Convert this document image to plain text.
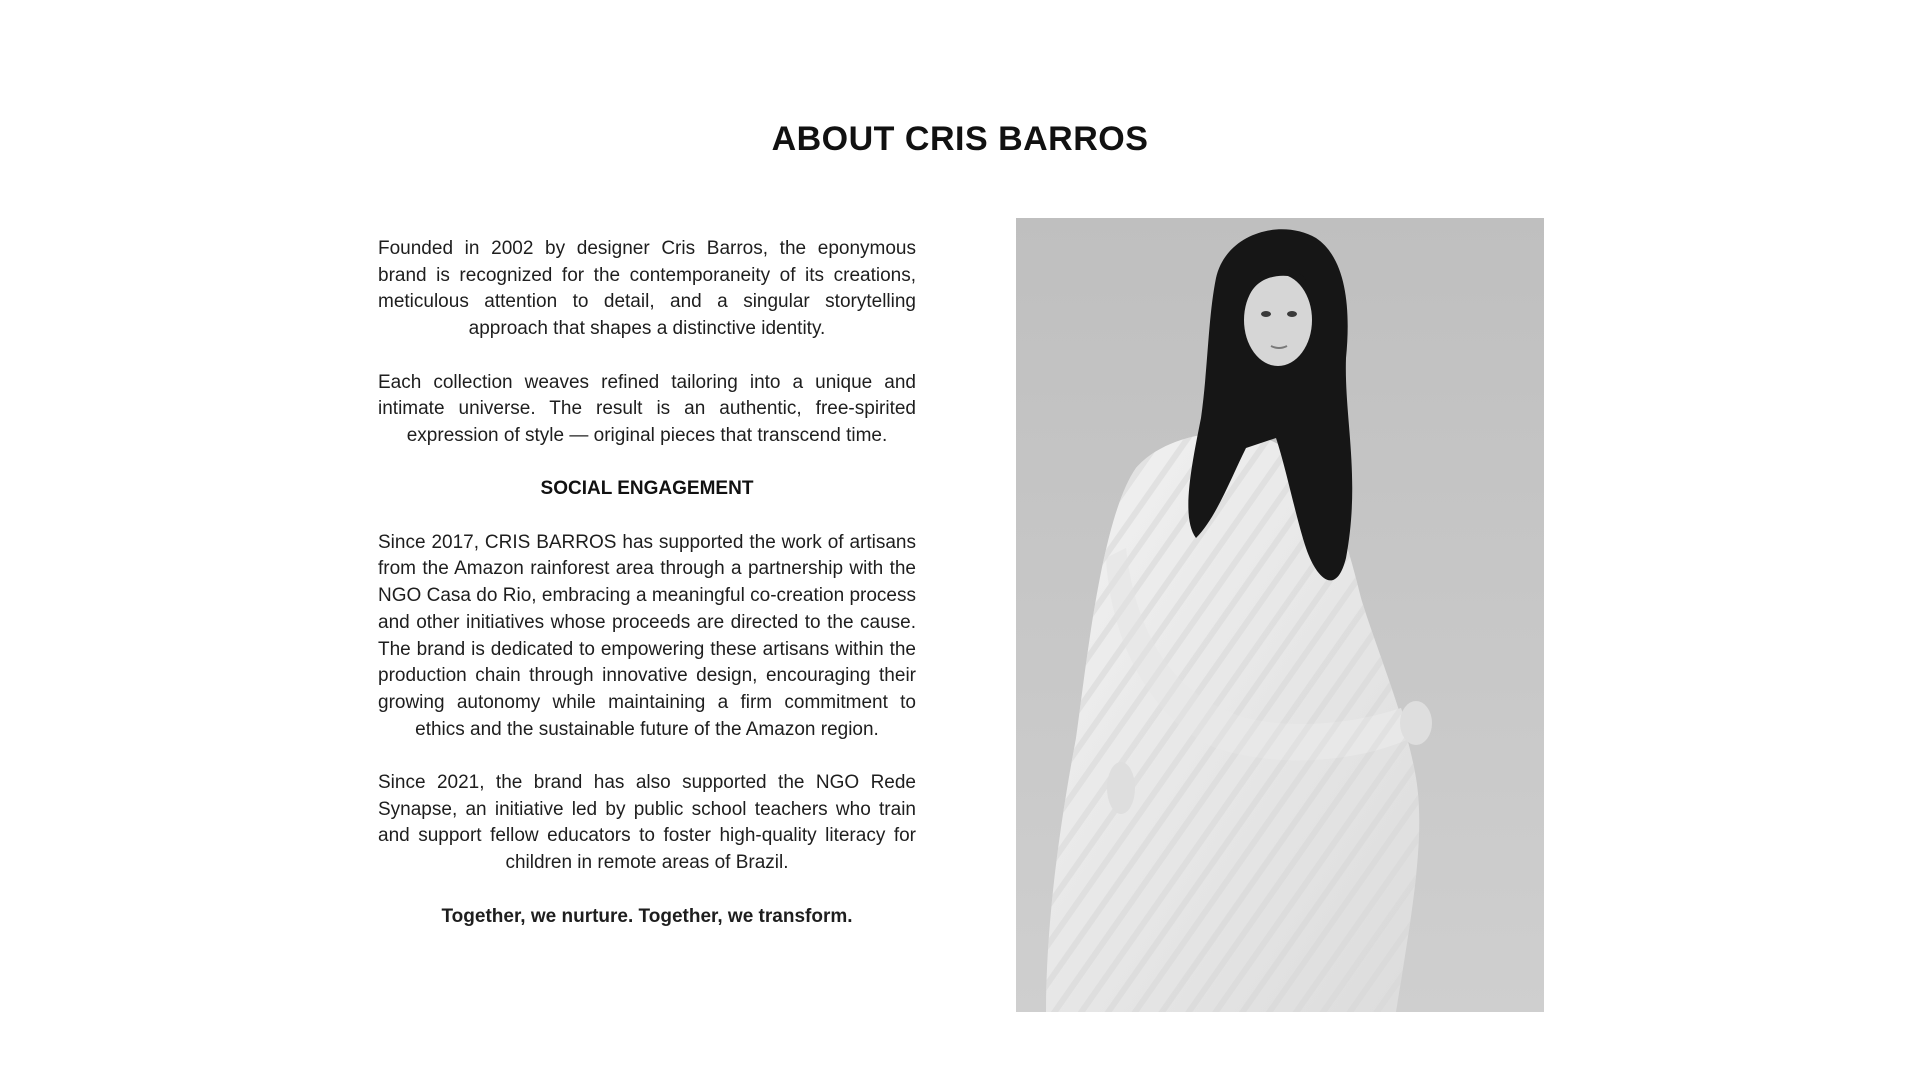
ABOUT CRIS BARROS

Founded in 2002 by designer Cris Barros, the eponymous brand is recognized for the contemporaneity of its creations, meticulous attention to detail, and a singular storytelling approach that shapes a distinctive identity.

Each collection weaves refined tailoring into a unique and intimate universe. The result is an authentic, free-spirited expression of style — original pieces that transcend time.

SOCIAL ENGAGEMENT

Since 2017, CRIS BARROS has supported the work of artisans from the Amazon rainforest area through a partnership with the NGO Casa do Rio, embracing a meaningful co-creation process and other initiatives whose proceeds are directed to the cause. The brand is dedicated to empowering these artisans within the production chain through innovative design, encouraging their growing autonomy while maintaining a firm commitment to ethics and the sustainable future of the Amazon region.

Since 2021, the brand has also supported the NGO Rede Synapse, an initiative led by public school teachers who train and support fellow educators to foster high-quality literacy for children in remote areas of Brazil.

Together, we nurture. Together, we transform.
